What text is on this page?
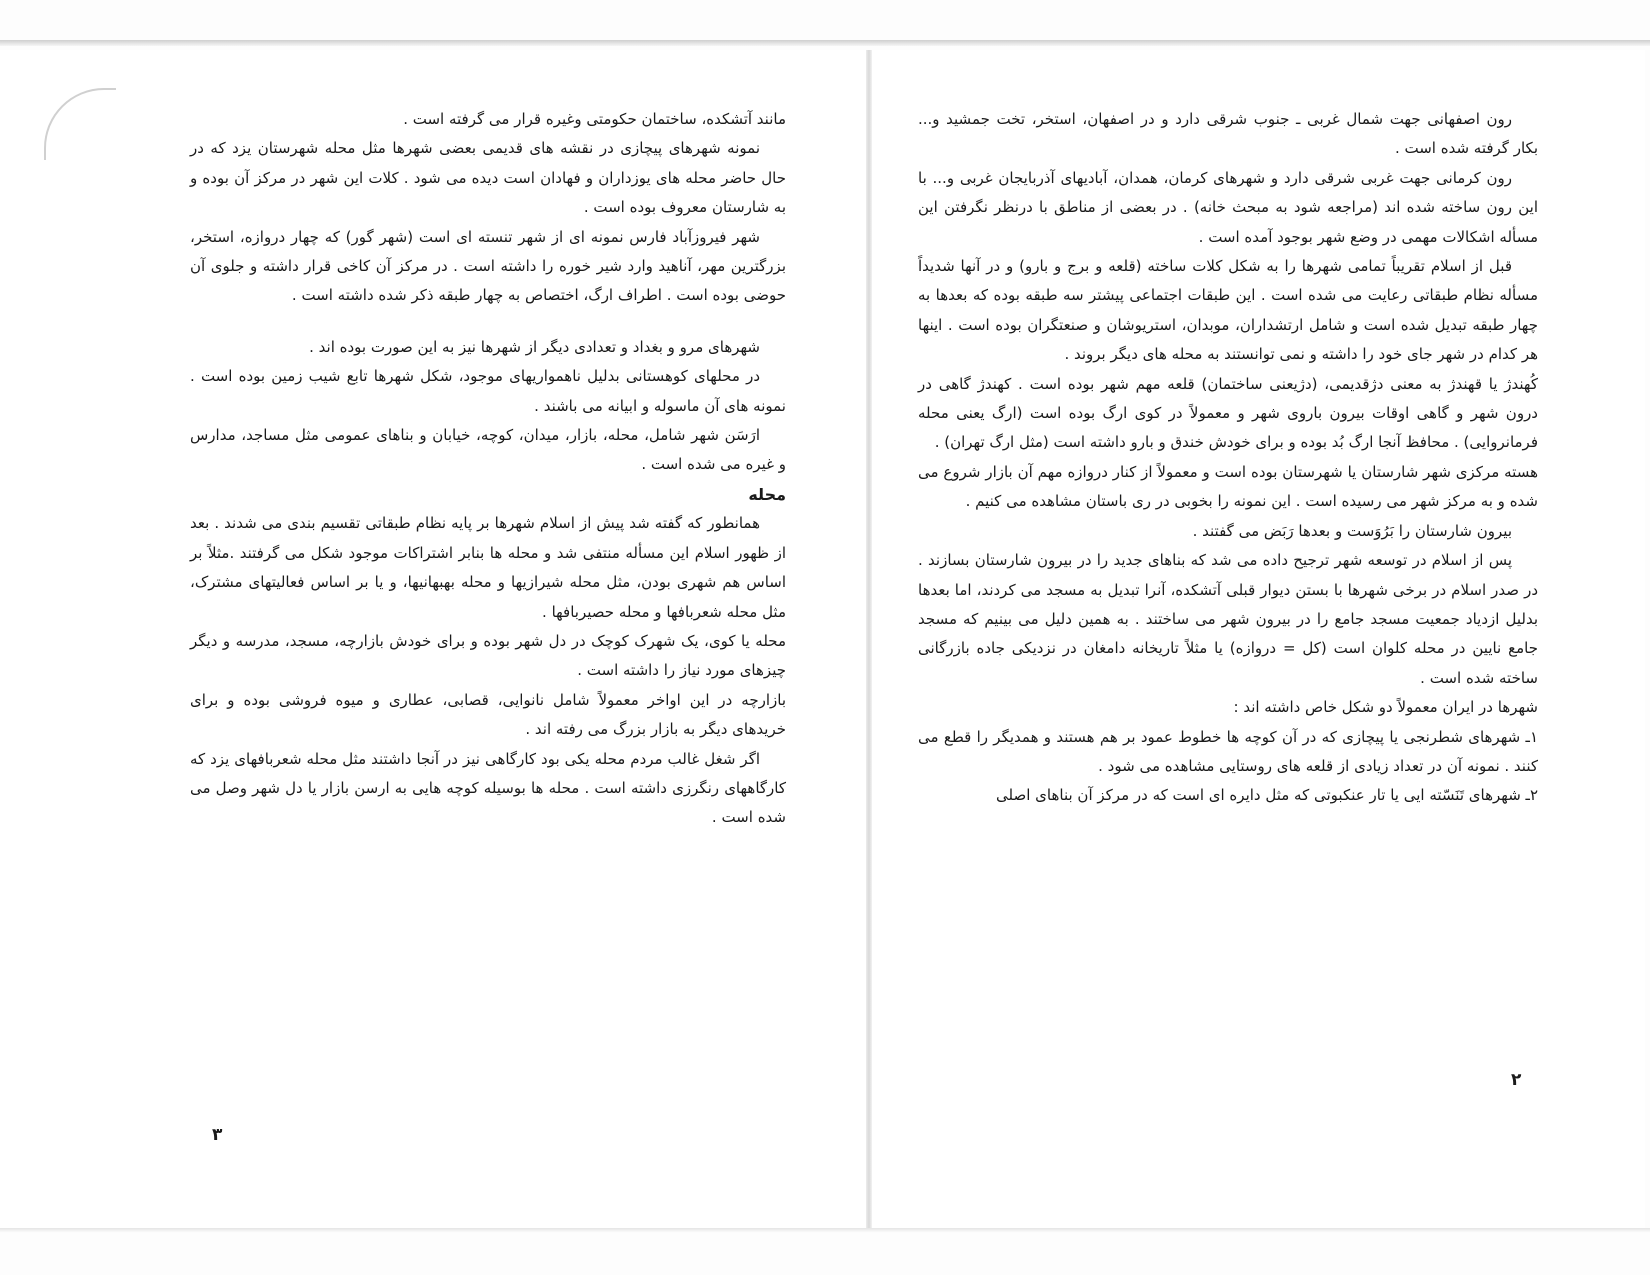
مانند آتشکده، ساختمان حکومتی وغیره قرار می گرفته است .

نمونه شهرهای پیچازی در نقشه های قدیمی بعضی شهرها مثل محله شهرستان یزد که در حال حاضر محله های یوزداران و فهادان است دیده می شود . کلات این شهر در مرکز آن بوده و به شارستان معروف بوده است .

شهر فیروزآباد فارس نمونه ای از شهر تنسته ای است (شهر گور) که چهار دروازه، استخر، بزرگترین مهر، آناهید وارد شیر خوره را داشته است . در مرکز آن کاخی قرار داشته و جلوی آن حوضی بوده است . اطراف ارگ، اختصاص به چهار طبقه ذکر شده داشته است .

شهرهای مرو و بغداد و تعدادی دیگر از شهرها نیز به این صورت بوده اند .

در محلهای کوهستانی بدلیل ناهمواریهای موجود، شکل شهرها تابع شیب زمین بوده است . نمونه های آن ماسوله و ابیانه می باشند .

ارَسَن شهر شامل، محله، بازار، میدان، کوچه، خیابان و بناهای عمومی مثل مساجد، مدارس و غیره می شده است .

محله

همانطور که گفته شد پیش از اسلام شهرها بر پایه نظام طبقاتی تقسیم بندی می شدند . بعد از ظهور اسلام این مسأله منتفی شد و محله ها بنابر اشتراکات موجود شکل می گرفتند .مثلاً بر اساس هم شهری بودن، مثل محله شیرازیها و محله بهبهانیها، و یا بر اساس فعالیتهای مشترک، مثل محله شعربافها و محله حصیربافها .

محله یا کوی، یک شهرک کوچک در دل شهر بوده و برای خودش بازارچه، مسجد، مدرسه و دیگر چیزهای مورد نیاز را داشته است .

بازارچه در این اواخر معمولاً شامل نانوایی، قصابی، عطاری و میوه فروشی بوده و برای خریدهای دیگر به بازار بزرگ می رفته اند .

اگر شغل غالب مردم محله یکی بود کارگاهی نیز در آنجا داشتند مثل محله شعربافهای یزد که کارگاههای رنگرزی داشته است . محله ها بوسیله کوچه هایی به ارسن بازار یا دل شهر وصل می شده است .

رون اصفهانی جهت شمال غربی ـ جنوب شرقی دارد و در اصفهان، استخر، تخت جمشید و... بکار گرفته شده است .

رون کرمانی جهت غربی شرقی دارد و شهرهای کرمان، همدان، آبادیهای آذربایجان غربی و... با این رون ساخته شده اند (مراجعه شود به مبحث خانه) . در بعضی از مناطق با درنظر نگرفتن این مسأله اشکالات مهمی در وضع شهر بوجود آمده است .

قبل از اسلام تقریباً تمامی شهرها را به شکل کلات ساخته (قلعه و برج و بارو) و در آنها شدیداً مسأله نظام طبقاتی رعایت می شده است . این طبقات اجتماعی پیشتر سه طبقه بوده که بعدها به چهار طبقه تبدیل شده است و شامل ارتشداران، موبدان، استریوشان و صنعتگران بوده است . اینها هر کدام در شهر جای خود را داشته و نمی توانستند به محله های دیگر بروند .

کُهندژ یا قهندژ به معنی دژقدیمی، (دژیعنی ساختمان) قلعه مهم شهر بوده است . کهندژ گاهی در درون شهر و گاهی اوقات بیرون باروی شهر و معمولاً در کوی ارگ بوده است (ارگ یعنی محله فرمانروایی) . محافظ آنجا ارگ بُد بوده و برای خودش خندق و بارو داشته است (مثل ارگ تهران) .

هسته مرکزی شهر شارستان یا شهرستان بوده است و معمولاً از کنار دروازه مهم آن بازار شروع می شده و به مرکز شهر می رسیده است . این نمونه را بخوبی در ری باستان مشاهده می کنیم .

بیرون شارستان را بَرُوَست و بعدها رَبَض می گفتند .

پس از اسلام در توسعه شهر ترجیح داده می شد که بناهای جدید را در بیرون شارستان بسازند . در صدر اسلام در برخی شهرها با بستن دیوار قبلی آتشکده، آنرا تبدیل به مسجد می کردند، اما بعدها بدلیل ازدیاد جمعیت مسجد جامع را در بیرون شهر می ساختند . به همین دلیل می بینیم که مسجد جامع نایین در محله کلوان است (کل = دروازه) یا مثلاً تاریخانه دامغان در نزدیکی جاده بازرگانی ساخته شده است .

شهرها در ایران معمولاً دو شکل خاص داشته اند :

۱ـ شهرهای شطرنجی یا پیچازی که در آن کوچه ها خطوط عمود بر هم هستند و همدیگر را قطع می کنند . نمونه آن در تعداد زیادی از قلعه های روستایی مشاهده می شود .

۲ـ شهرهای تَنَسّته ایی یا تار عنکبوتی که مثل دایره ای است که در مرکز آن بناهای اصلی

۳
۲
